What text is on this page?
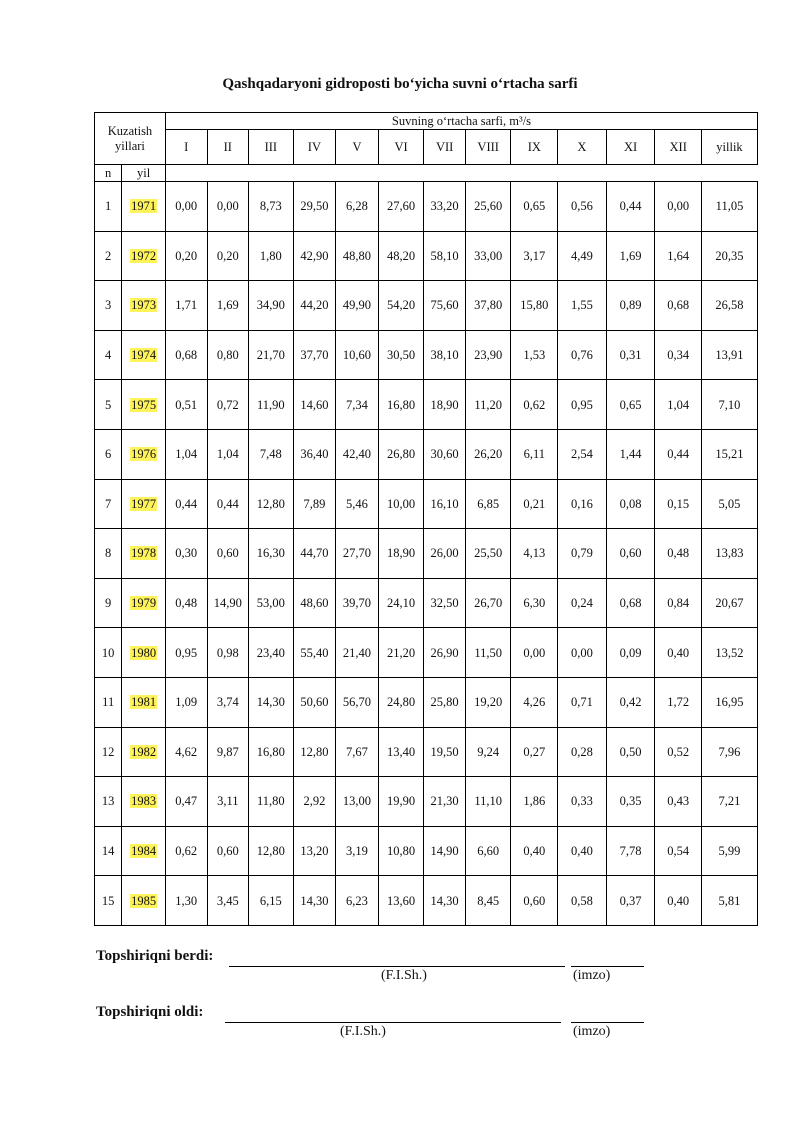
Qashqadaryoni gidroposti bo‘yicha suvni o‘rtacha sarfi
Kuzatish yillari		Suvning o‘rtacha sarfi, m³/s												
		I	II	III	IV	V	VI	VII	VIII	IX	X	XI	XII	yillik
n	yil													
1	1971	0,00	0,00	8,73	29,50	6,28	27,60	33,20	25,60	0,65	0,56	0,44	0,00	11,05
2	1972	0,20	0,20	1,80	42,90	48,80	48,20	58,10	33,00	3,17	4,49	1,69	1,64	20,35
3	1973	1,71	1,69	34,90	44,20	49,90	54,20	75,60	37,80	15,80	1,55	0,89	0,68	26,58
4	1974	0,68	0,80	21,70	37,70	10,60	30,50	38,10	23,90	1,53	0,76	0,31	0,34	13,91
5	1975	0,51	0,72	11,90	14,60	7,34	16,80	18,90	11,20	0,62	0,95	0,65	1,04	7,10
6	1976	1,04	1,04	7,48	36,40	42,40	26,80	30,60	26,20	6,11	2,54	1,44	0,44	15,21
7	1977	0,44	0,44	12,80	7,89	5,46	10,00	16,10	6,85	0,21	0,16	0,08	0,15	5,05
8	1978	0,30	0,60	16,30	44,70	27,70	18,90	26,00	25,50	4,13	0,79	0,60	0,48	13,83
9	1979	0,48	14,90	53,00	48,60	39,70	24,10	32,50	26,70	6,30	0,24	0,68	0,84	20,67
10	1980	0,95	0,98	23,40	55,40	21,40	21,20	26,90	11,50	0,00	0,00	0,09	0,40	13,52
11	1981	1,09	3,74	14,30	50,60	56,70	24,80	25,80	19,20	4,26	0,71	0,42	1,72	16,95
12	1982	4,62	9,87	16,80	12,80	7,67	13,40	19,50	9,24	0,27	0,28	0,50	0,52	7,96
13	1983	0,47	3,11	11,80	2,92	13,00	19,90	21,30	11,10	1,86	0,33	0,35	0,43	7,21
14	1984	0,62	0,60	12,80	13,20	3,19	10,80	14,90	6,60	0,40	0,40	7,78	0,54	5,99
15	1985	1,30	3,45	6,15	14,30	6,23	13,60	14,30	8,45	0,60	0,58	0,37	0,40	5,81
Topshiriqni berdi:
(F.I.Sh.)	(imzo)
Topshiriqni oldi:
(F.I.Sh.)	(imzo)
